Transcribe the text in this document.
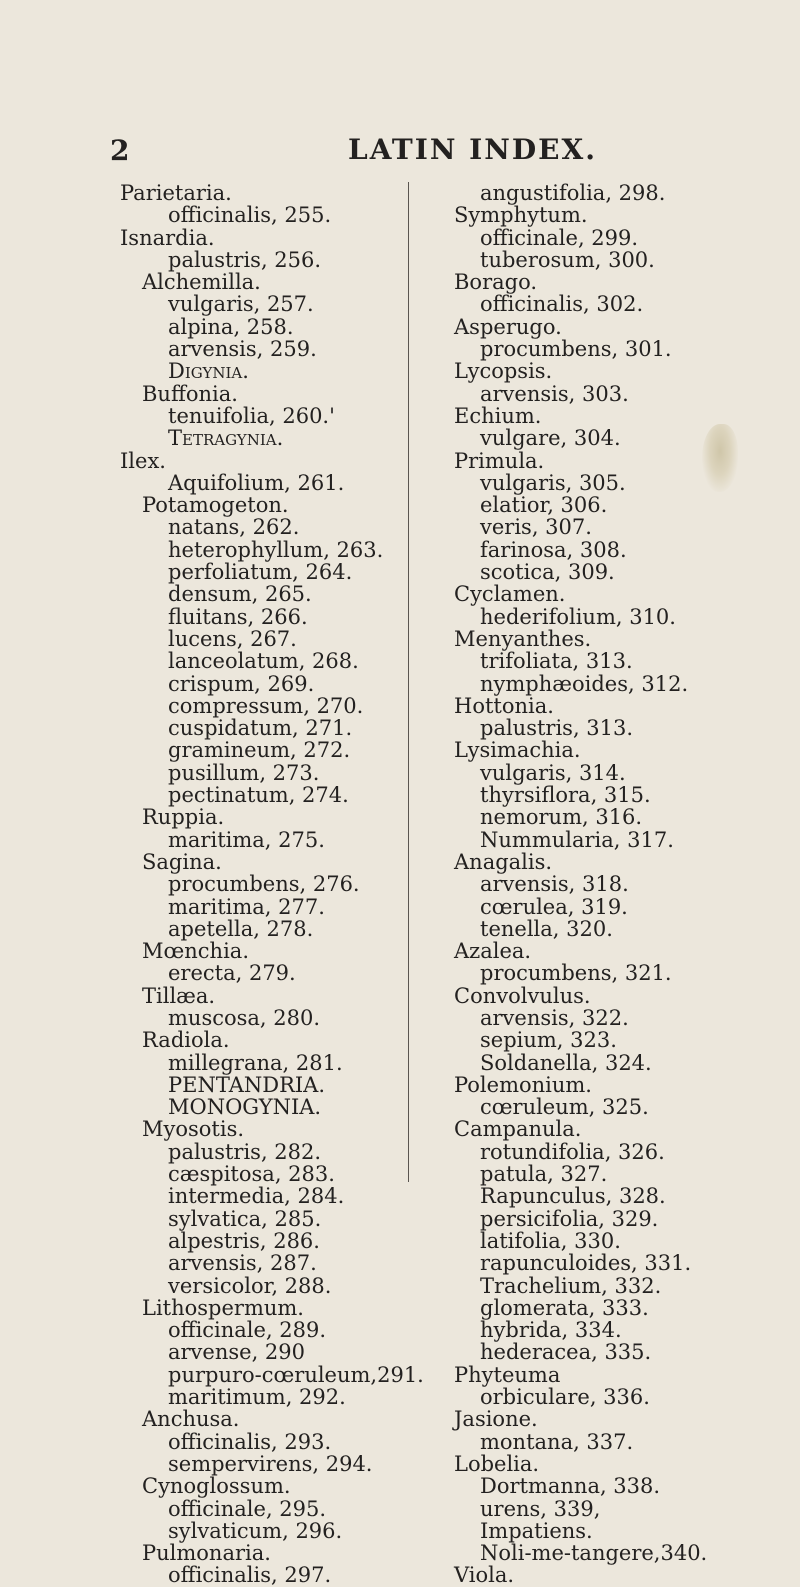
2	LATIN INDEX.
Parietaria.
officinalis, 255.
Isnardia.
palustris, 256.
Alchemilla.
vulgaris, 257.
alpina, 258.
arvensis, 259.
Digynia.
Buffonia.
tenuifolia, 260.'
Tetragynia.
Ilex.
Aquifolium, 261.
Potamogeton.
natans, 262.
heterophyllum, 263.
perfoliatum, 264.
densum, 265.
fluitans, 266.
lucens, 267.
lanceolatum, 268.
crispum, 269.
compressum, 270.
cuspidatum, 271.
gramineum, 272.
pusillum, 273.
pectinatum, 274.
Ruppia.
maritima, 275.
Sagina.
procumbens, 276.
maritima, 277.
apetella, 278.
Mœnchia.
erecta, 279.
Tillæa.
muscosa, 280.
Radiola.
millegrana, 281.
PENTANDRIA.
MONOGYNIA.
Myosotis.
palustris, 282.
cæspitosa, 283.
intermedia, 284.
sylvatica, 285.
alpestris, 286.
arvensis, 287.
versicolor, 288.
Lithospermum.
officinale, 289.
arvense, 290
purpuro-cœruleum,291.
maritimum, 292.
Anchusa.
officinalis, 293.
sempervirens, 294.
Cynoglossum.
officinale, 295.
sylvaticum, 296.
Pulmonaria.
officinalis, 297.
angustifolia, 298.
Symphytum.
officinale, 299.
tuberosum, 300.
Borago.
officinalis, 302.
Asperugo.
procumbens, 301.
Lycopsis.
arvensis, 303.
Echium.
vulgare, 304.
Primula.
vulgaris, 305.
elatior, 306.
veris, 307.
farinosa, 308.
scotica, 309.
Cyclamen.
hederifolium, 310.
Menyanthes.
trifoliata, 313.
nymphæoides, 312.
Hottonia.
palustris, 313.
Lysimachia.
vulgaris, 314.
thyrsiflora, 315.
nemorum, 316.
Nummularia, 317.
Anagalis.
arvensis, 318.
cœrulea, 319.
tenella, 320.
Azalea.
procumbens, 321.
Convolvulus.
arvensis, 322.
sepium, 323.
Soldanella, 324.
Polemonium.
cœruleum, 325.
Campanula.
rotundifolia, 326.
patula, 327.
Rapunculus, 328.
persicifolia, 329.
latifolia, 330.
rapunculoides, 331.
Trachelium, 332.
glomerata, 333.
hybrida, 334.
hederacea, 335.
Phyteuma
orbiculare, 336.
Jasione.
montana, 337.
Lobelia.
Dortmanna, 338.
urens, 339,
Impatiens.
Noli-me-tangere,340.
Viola.
